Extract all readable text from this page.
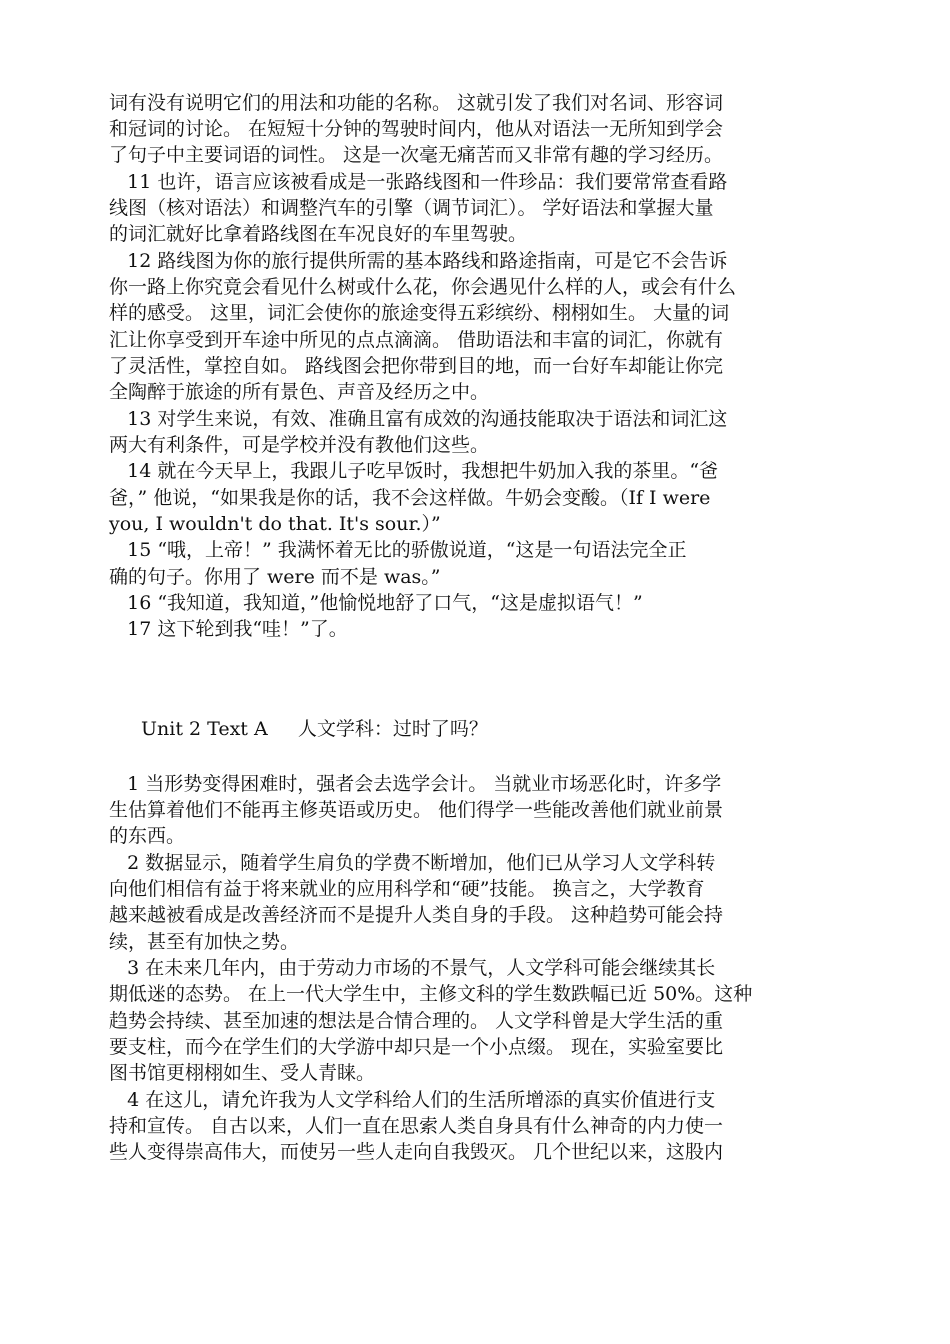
词有没有说明它们的用法和功能的名称。 这就引发了我们对名词、形容词
和冠词的讨论。 在短短十分钟的驾驶时间内，他从对语法一无所知到学会
了句子中主要词语的词性。 这是一次毫无痛苦而又非常有趣的学习经历。
11 也许，语言应该被看成是一张路线图和一件珍品：我们要常常查看路
线图（核对语法）和调整汽车的引擎（调节词汇）。 学好语法和掌握大量
的词汇就好比拿着路线图在车况良好的车里驾驶。
12 路线图为你的旅行提供所需的基本路线和路途指南，可是它不会告诉
你一路上你究竟会看见什么树或什么花，你会遇见什么样的人，或会有什么
样的感受。 这里，词汇会使你的旅途变得五彩缤纷、栩栩如生。 大量的词
汇让你享受到开车途中所见的点点滴滴。 借助语法和丰富的词汇，你就有
了灵活性，掌控自如。 路线图会把你带到目的地，而一台好车却能让你完
全陶醉于旅途的所有景色、声音及经历之中。
13 对学生来说，有效、准确且富有成效的沟通技能取决于语法和词汇这
两大有利条件，可是学校并没有教他们这些。
14 就在今天早上，我跟儿子吃早饭时，我想把牛奶加入我的茶里。“爸
爸，” 他说，“如果我是你的话，我不会这样做。牛奶会变酸。（If I were
you, I wouldn't do that. It's sour.）”
15 “哦，上帝！” 我满怀着无比的骄傲说道，“这是一句语法完全正
确的句子。你用了 were 而不是 was。”
16 “我知道，我知道，”他愉悦地舒了口气，“这是虚拟语气！”
17 这下轮到我“哇！”了。
Unit 2 Text A     人文学科：过时了吗？
1 当形势变得困难时，强者会去选学会计。 当就业市场恶化时，许多学
生估算着他们不能再主修英语或历史。 他们得学一些能改善他们就业前景
的东西。
2 数据显示，随着学生肩负的学费不断增加，他们已从学习人文学科转
向他们相信有益于将来就业的应用科学和“硬”技能。 换言之，大学教育
越来越被看成是改善经济而不是提升人类自身的手段。 这种趋势可能会持
续，甚至有加快之势。
3 在未来几年内，由于劳动力市场的不景气，人文学科可能会继续其长
期低迷的态势。 在上一代大学生中，主修文科的学生数跌幅已近 50%。这种
趋势会持续、甚至加速的想法是合情合理的。 人文学科曾是大学生活的重
要支柱，而今在学生们的大学游中却只是一个小点缀。 现在，实验室要比
图书馆更栩栩如生、受人青睐。
4 在这儿，请允许我为人文学科给人们的生活所增添的真实价值进行支
持和宣传。 自古以来，人们一直在思索人类自身具有什么神奇的内力使一
些人变得崇高伟大，而使另一些人走向自我毁灭。 几个世纪以来，这股内
